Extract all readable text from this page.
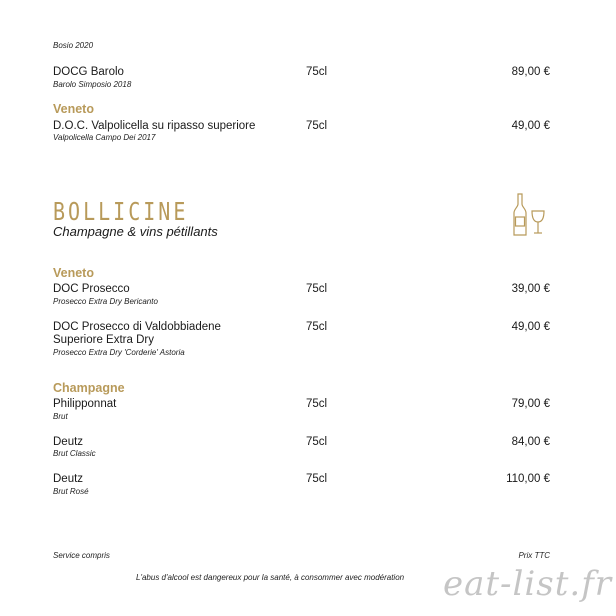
Bosio 2020
DOCG Barolo
Barolo Simposio 2018
75cl	89,00 €
Veneto
D.O.C. Valpolicella su ripasso superiore
Valpolicella Campo Dei 2017
75cl	49,00 €
BOLLICINE
Champagne & vins pétillants
Veneto
DOC Prosecco
Prosecco Extra Dry Bericanto
75cl	39,00 €
DOC Prosecco di Valdobbiadene
Superiore Extra Dry
Prosecco Extra Dry 'Corderie' Astoria
75cl	49,00 €
Champagne
Philipponnat
Brut
75cl	79,00 €
Deutz
Brut Classic
75cl	84,00 €
Deutz
Brut Rosé
75cl	110,00 €
Service compris	Prix TTC
L'abus d'alcool est dangereux pour la santé, à consommer avec modération eat-list.fr
